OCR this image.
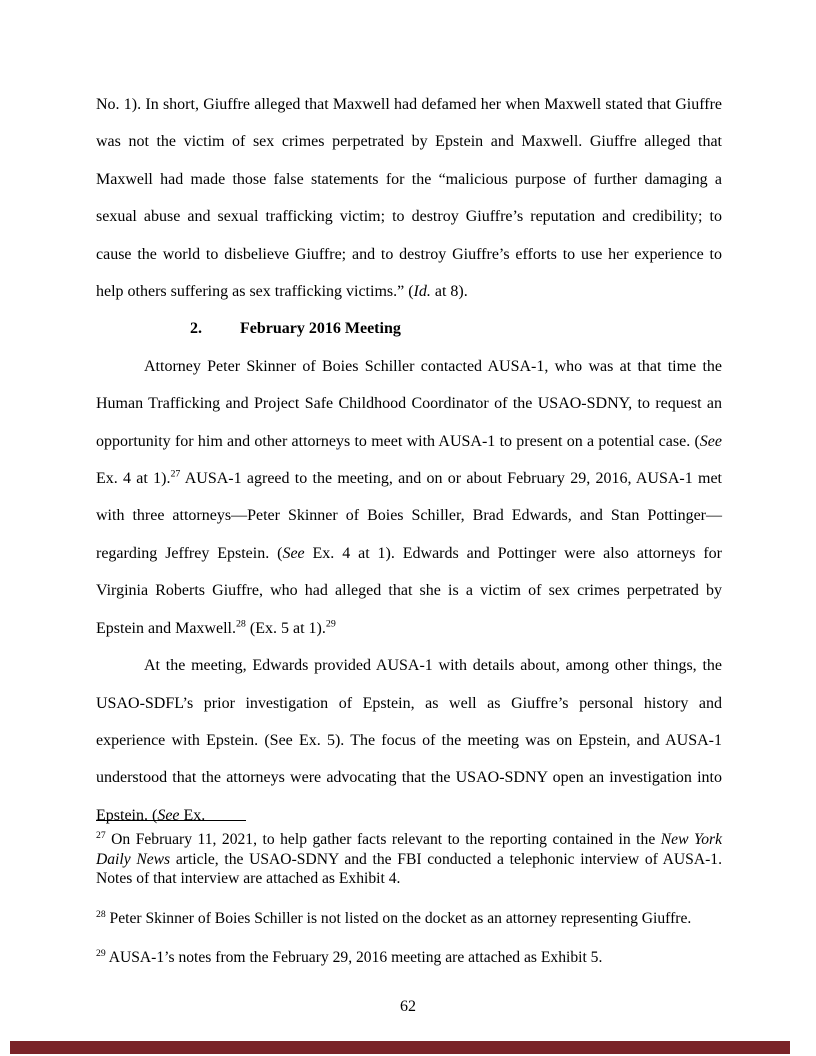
No. 1). In short, Giuffre alleged that Maxwell had defamed her when Maxwell stated that Giuffre was not the victim of sex crimes perpetrated by Epstein and Maxwell. Giuffre alleged that Maxwell had made those false statements for the “malicious purpose of further damaging a sexual abuse and sexual trafficking victim; to destroy Giuffre’s reputation and credibility; to cause the world to disbelieve Giuffre; and to destroy Giuffre’s efforts to use her experience to help others suffering as sex trafficking victims.” (Id. at 8).

2. February 2016 Meeting

Attorney Peter Skinner of Boies Schiller contacted AUSA-1, who was at that time the Human Trafficking and Project Safe Childhood Coordinator of the USAO-SDNY, to request an opportunity for him and other attorneys to meet with AUSA-1 to present on a potential case. (See Ex. 4 at 1).$^{27}$ AUSA-1 agreed to the meeting, and on or about February 29, 2016, AUSA-1 met with three attorneys—Peter Skinner of Boies Schiller, Brad Edwards, and Stan Pottinger—regarding Jeffrey Epstein. (See Ex. 4 at 1). Edwards and Pottinger were also attorneys for Virginia Roberts Giuffre, who had alleged that she is a victim of sex crimes perpetrated by Epstein and Maxwell.$^{28}$ (Ex. 5 at 1).$^{29}$

At the meeting, Edwards provided AUSA-1 with details about, among other things, the USAO-SDFL’s prior investigation of Epstein, as well as Giuffre’s personal history and experience with Epstein. (See Ex. 5). The focus of the meeting was on Epstein, and AUSA-1 understood that the attorneys were advocating that the USAO-SDNY open an investigation into Epstein. (See Ex.

$^{27}$ On February 11, 2021, to help gather facts relevant to the reporting contained in the New York Daily News article, the USAO-SDNY and the FBI conducted a telephonic interview of AUSA-1. Notes of that interview are attached as Exhibit 4.

$^{28}$ Peter Skinner of Boies Schiller is not listed on the docket as an attorney representing Giuffre.

$^{29}$ AUSA-1’s notes from the February 29, 2016 meeting are attached as Exhibit 5.

62
